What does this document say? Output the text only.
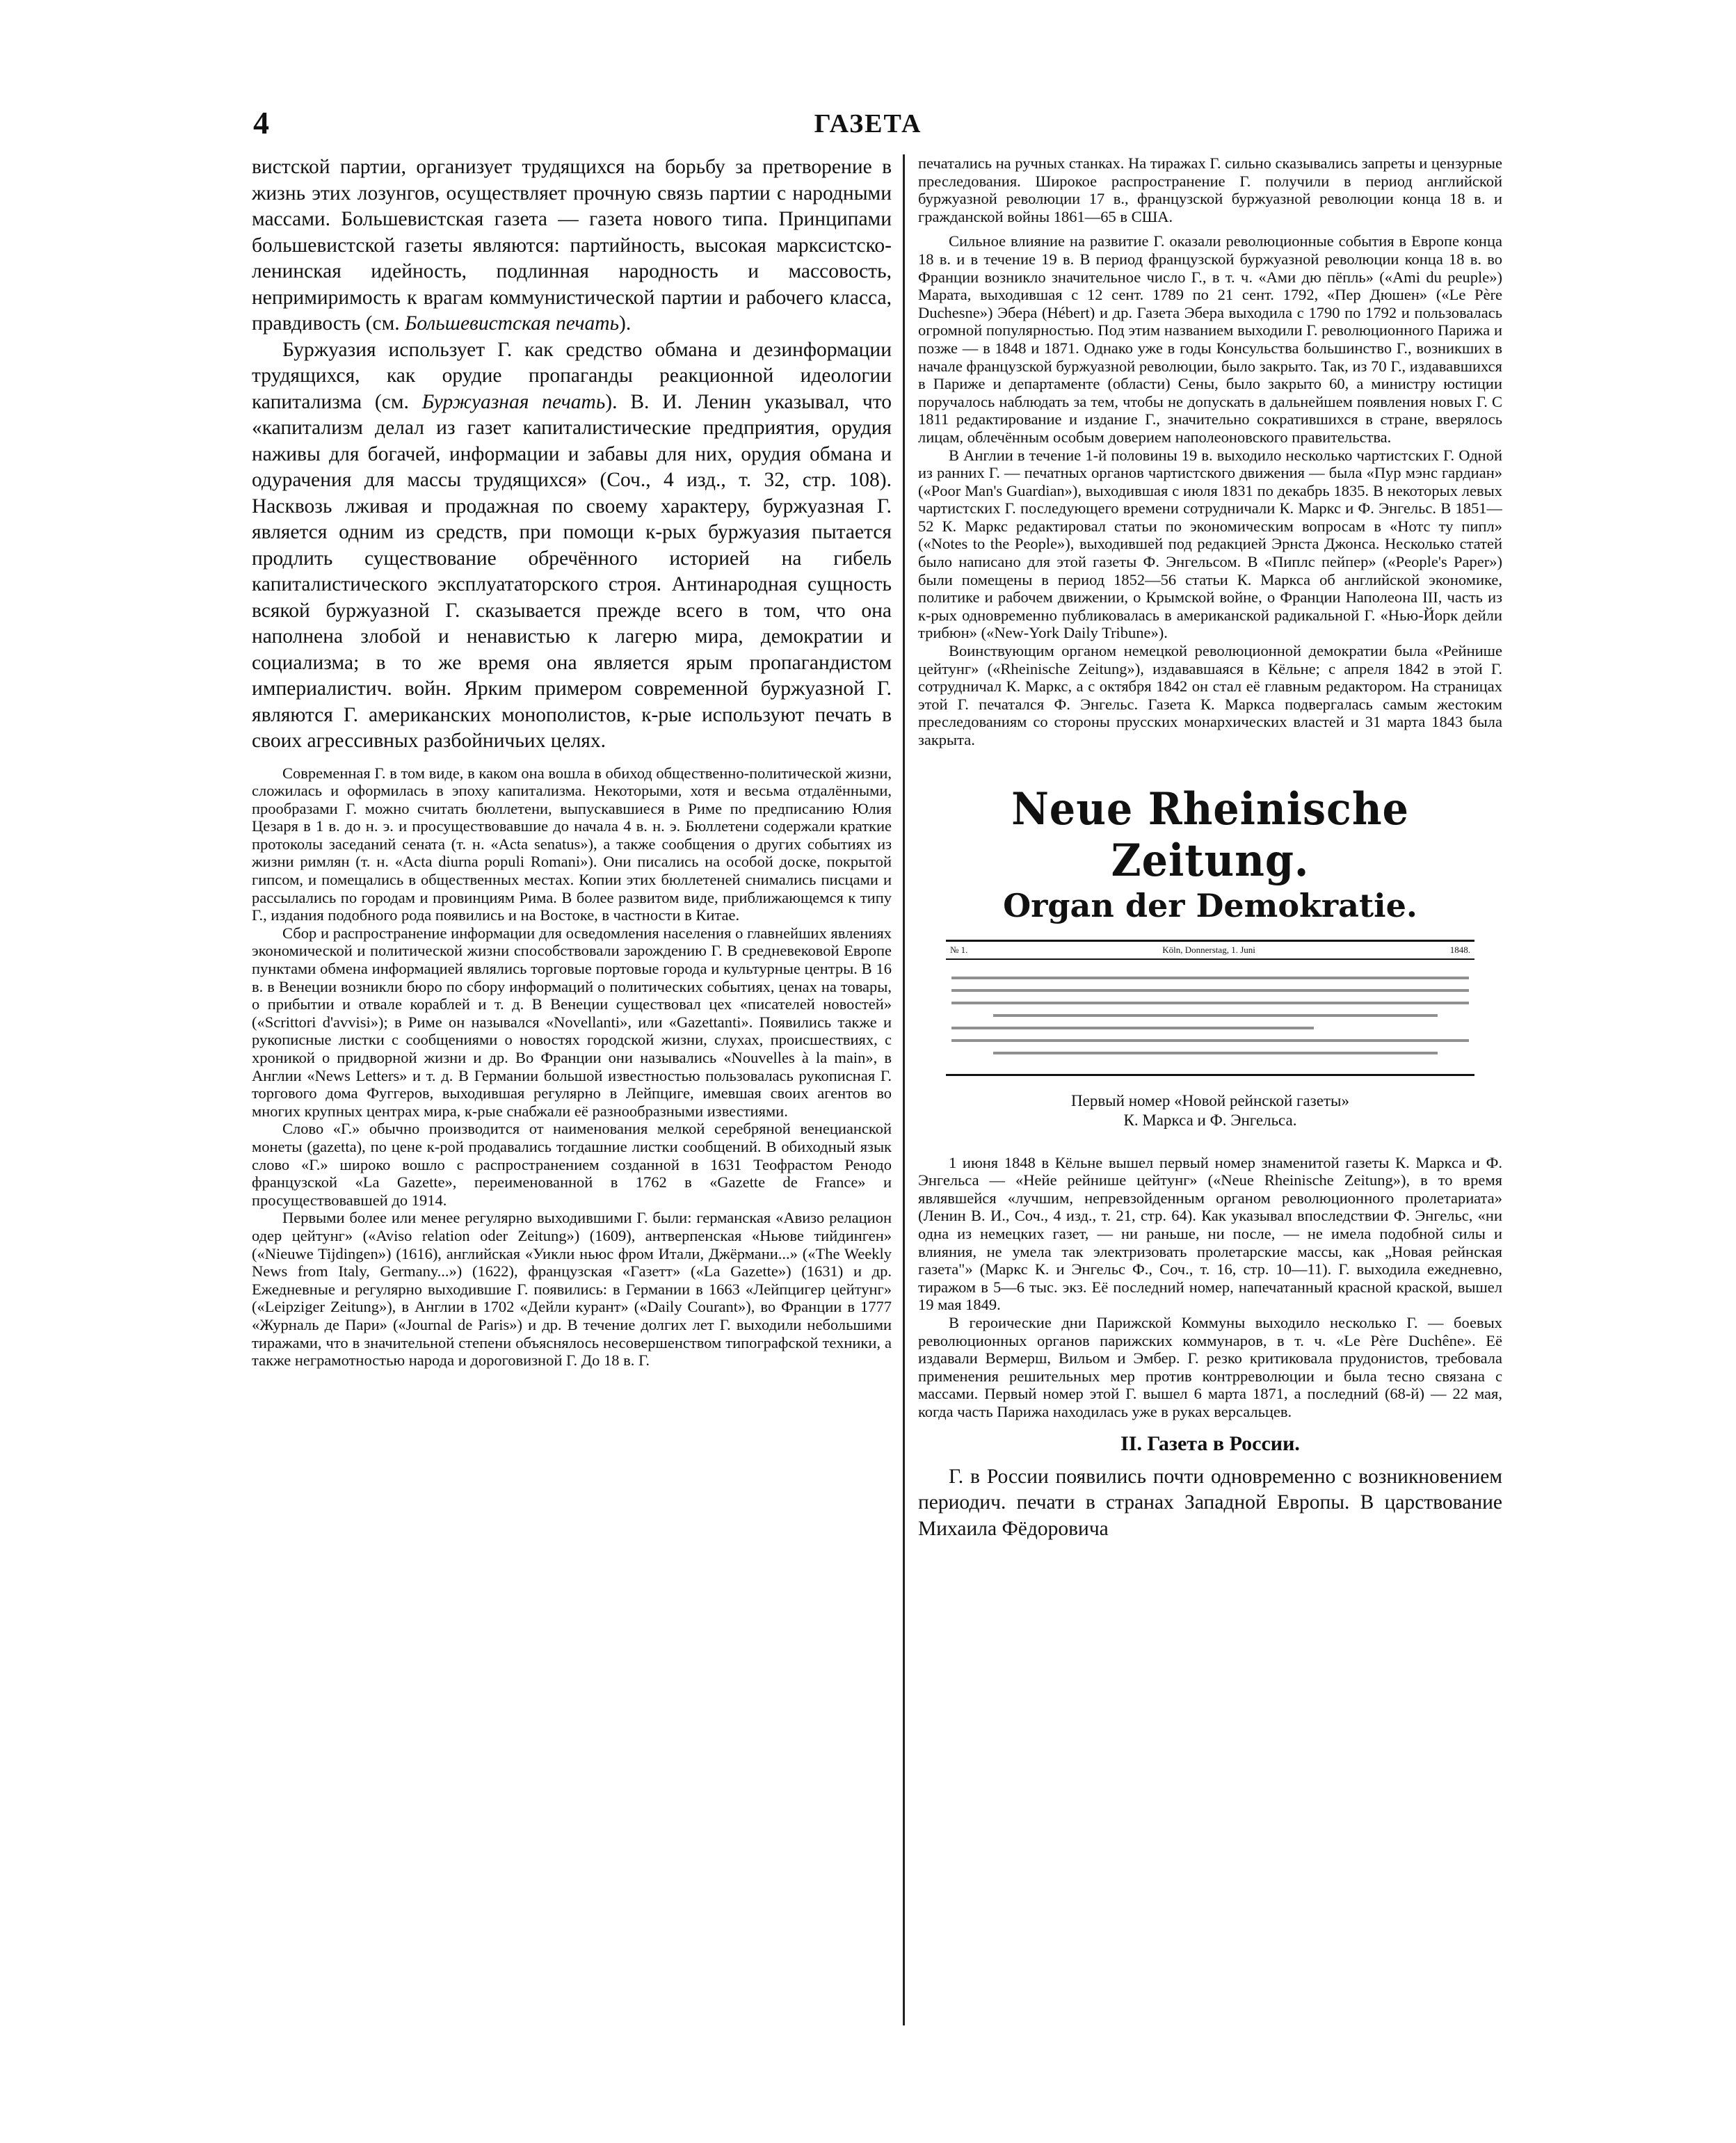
4	ГАЗЕТА

вистской партии, организует трудящихся на борьбу за претворение в жизнь этих лозунгов, осуществляет прочную связь партии с народными массами. Большевистская газета — газета нового типа. Принципами большевистской газеты являются: партийность, высокая марксистско-ленинская идейность, подлинная народность и массовость, непримиримость к врагам коммунистической партии и рабочего класса, правдивость (см. Большевистская печать).

Буржуазия использует Г. как средство обмана и дезинформации трудящихся, как орудие пропаганды реакционной идеологии капитализма (см. Буржуазная печать). В. И. Ленин указывал, что «капитализм делал из газет капиталистические предприятия, орудия наживы для богачей, информации и забавы для них, орудия обмана и одурачения для массы трудящихся» (Соч., 4 изд., т. 32, стр. 108). Насквозь лживая и продажная по своему характеру, буржуазная Г. является одним из средств, при помощи к-рых буржуазия пытается продлить существование обречённого историей на гибель капиталистического эксплуататорского строя. Антинародная сущность всякой буржуазной Г. сказывается прежде всего в том, что она наполнена злобой и ненавистью к лагерю мира, демократии и социализма; в то же время она является ярым пропагандистом империалистич. войн. Ярким примером современной буржуазной Г. являются Г. американских монополистов, к-рые используют печать в своих агрессивных разбойничьих целях.

Современная Г. в том виде, в каком она вошла в обиход общественно-политической жизни, сложилась и оформилась в эпоху капитализма. Некоторыми, хотя и весьма отдалёнными, прообразами Г. можно считать бюллетени, выпускавшиеся в Риме по предписанию Юлия Цезаря в 1 в. до н. э. и просуществовавшие до начала 4 в. н. э. Бюллетени содержали краткие протоколы заседаний сената (т. н. «Acta senatus»), а также сообщения о других событиях из жизни римлян (т. н. «Acta diurna populi Romani»). Они писались на особой доске, покрытой гипсом, и помещались в общественных местах. Копии этих бюллетеней снимались писцами и рассылались по городам и провинциям Рима. В более развитом виде, приближающемся к типу Г., издания подобного рода появились и на Востоке, в частности в Китае.

Сбор и распространение информации для осведомления населения о главнейших явлениях экономической и политической жизни способствовали зарождению Г. В средневековой Европе пунктами обмена информацией являлись торговые портовые города и культурные центры. В 16 в. в Венеции возникли бюро по сбору информаций о политических событиях, ценах на товары, о прибытии и отвале кораблей и т. д. В Венеции существовал цех «писателей новостей» («Scrittori d'avvisi»); в Риме он назывался «Novellanti», или «Gazettanti». Появились также и рукописные листки с сообщениями о новостях городской жизни, слухах, происшествиях, с хроникой о придворной жизни и др. Во Франции они назывались «Nouvelles à la main», в Англии «News Letters» и т. д. В Германии большой известностью пользовалась рукописная Г. торгового дома Фуггеров, выходившая регулярно в Лейпциге, имевшая своих агентов во многих крупных центрах мира, к-рые снабжали её разнообразными известиями.

Слово «Г.» обычно производится от наименования мелкой серебряной венецианской монеты (gazetta), по цене к-рой продавались тогдашние листки сообщений. В обиходный язык слово «Г.» широко вошло с распространением созданной в 1631 Теофрастом Ренодо французской «La Gazette», переименованной в 1762 в «Gazette de France» и просуществовавшей до 1914.

Первыми более или менее регулярно выходившими Г. были: германская «Авизо релацион одер цейтунг» («Aviso relation oder Zeitung») (1609), антверпенская «Ньюве тийдинген» («Nieuwe Tijdingen») (1616), английская «Уикли ньюс фром Итали, Джёрмани...» («The Weekly News from Italy, Germany...») (1622), французская «Газетт» («La Gazette») (1631) и др. Ежедневные и регулярно выходившие Г. появились: в Германии в 1663 «Лейпцигер цейтунг» («Leipziger Zeitung»), в Англии в 1702 «Дейли курант» («Daily Courant»), во Франции в 1777 «Журналь де Пари» («Journal de Paris») и др. В течение долгих лет Г. выходили небольшими тиражами, что в значительной степени объяснялось несовершенством типографской техники, а также неграмотностью народа и дороговизной Г. До 18 в. Г.

печатались на ручных станках. На тиражах Г. сильно сказывались запреты и цензурные преследования. Широкое распространение Г. получили в период английской буржуазной революции 17 в., французской буржуазной революции конца 18 в. и гражданской войны 1861—65 в США.

Сильное влияние на развитие Г. оказали революционные события в Европе конца 18 в. и в течение 19 в. В период французской буржуазной революции конца 18 в. во Франции возникло значительное число Г., в т. ч. «Ами дю пёпль» («Ami du peuple») Марата, выходившая с 12 сент. 1789 по 21 сент. 1792, «Пер Дюшен» («Le Père Duchesne») Эбера (Hébert) и др. Газета Эбера выходила с 1790 по 1792 и пользовалась огромной популярностью. Под этим названием выходили Г. революционного Парижа и позже — в 1848 и 1871. Однако уже в годы Консульства большинство Г., возникших в начале французской буржуазной революции, было закрыто. Так, из 70 Г., издававшихся в Париже и департаменте (области) Сены, было закрыто 60, а министру юстиции поручалось наблюдать за тем, чтобы не допускать в дальнейшем появления новых Г. С 1811 редактирование и издание Г., значительно сократившихся в стране, вверялось лицам, облечённым особым доверием наполеоновского правительства.

В Англии в течение 1-й половины 19 в. выходило несколько чартистских Г. Одной из ранних Г. — печатных органов чартистского движения — была «Пур мэнс гардиан» («Poor Man's Guardian»), выходившая с июля 1831 по декабрь 1835. В некоторых левых чартистских Г. последующего времени сотрудничали К. Маркс и Ф. Энгельс. В 1851—52 К. Маркс редактировал статьи по экономическим вопросам в «Нотс ту пипл» («Notes to the People»), выходившей под редакцией Эрнста Джонса. Несколько статей было написано для этой газеты Ф. Энгельсом. В «Пиплс пейпер» («People's Paper») были помещены в период 1852—56 статьи К. Маркса об английской экономике, политике и рабочем движении, о Крымской войне, о Франции Наполеона III, часть из к-рых одновременно публиковалась в американской радикальной Г. «Нью-Йорк дейли трибюн» («New-York Daily Tribune»).

Воинствующим органом немецкой революционной демократии была «Рейнише цейтунг» («Rheinische Zeitung»), издававшаяся в Кёльне; с апреля 1842 в этой Г. сотрудничал К. Маркс, а с октября 1842 он стал её главным редактором. На страницах этой Г. печатался Ф. Энгельс. Газета К. Маркса подвергалась самым жестоким преследованиям со стороны прусских монархических властей и 31 марта 1843 была закрыта.

Neue Rheinische Zeitung.
Organ der Demokratie.
№ 1.	Köln, Donnerstag, 1. Juni	1848.
Первый номер «Новой рейнской газеты»
К. Маркса и Ф. Энгельса.

1 июня 1848 в Кёльне вышел первый номер знаменитой газеты К. Маркса и Ф. Энгельса — «Нейе рейнише цейтунг» («Neue Rheinische Zeitung»), в то время являвшейся «лучшим, непревзойденным органом революционного пролетариата» (Ленин В. И., Соч., 4 изд., т. 21, стр. 64). Как указывал впоследствии Ф. Энгельс, «ни одна из немецких газет, — ни раньше, ни после, — не имела подобной силы и влияния, не умела так электризовать пролетарские массы, как „Новая рейнская газета"» (Маркс К. и Энгельс Ф., Соч., т. 16, стр. 10—11). Г. выходила ежедневно, тиражом в 5—6 тыс. экз. Её последний номер, напечатанный красной краской, вышел 19 мая 1849.

В героические дни Парижской Коммуны выходило несколько Г. — боевых революционных органов парижских коммунаров, в т. ч. «Le Père Duchêne». Её издавали Вермерш, Вильом и Эмбер. Г. резко критиковала прудонистов, требовала применения решительных мер против контрреволюции и была тесно связана с массами. Первый номер этой Г. вышел 6 марта 1871, а последний (68-й) — 22 мая, когда часть Парижа находилась уже в руках версальцев.

II. Газета в России.

Г. в России появились почти одновременно с возникновением периодич. печати в странах Западной Европы. В царствование Михаила Фёдоровича
